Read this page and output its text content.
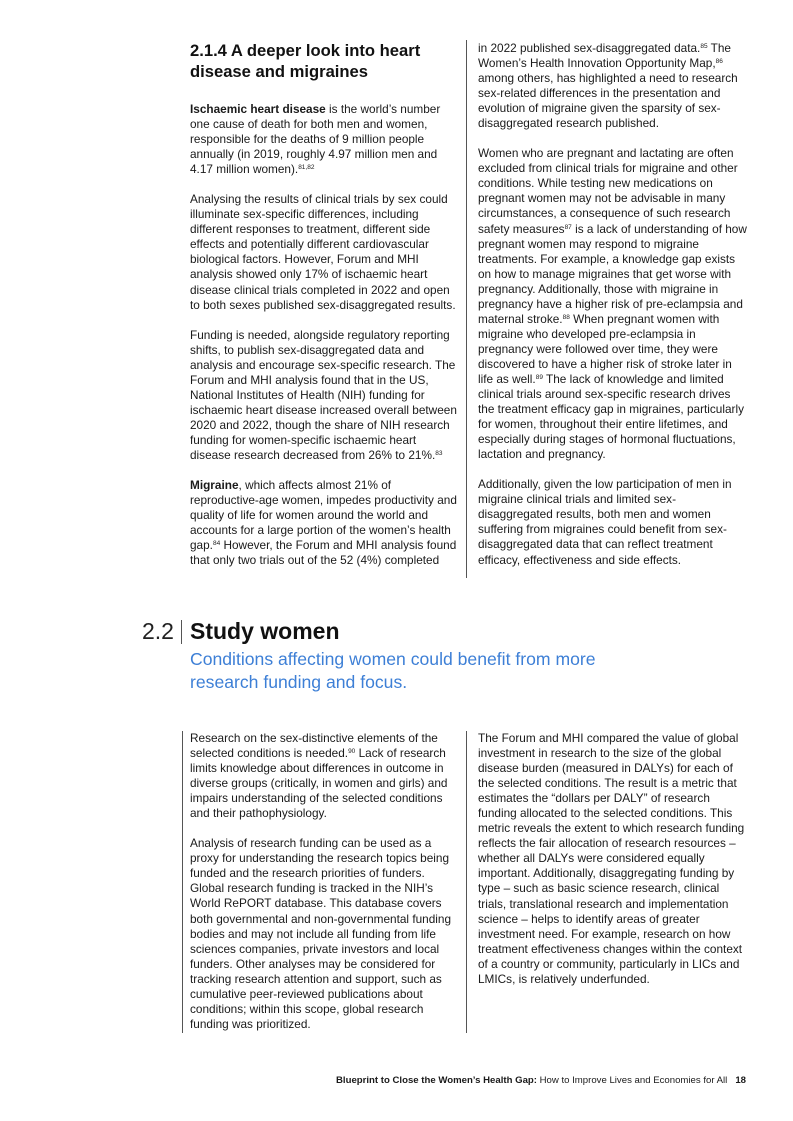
2.1.4 A deeper look into heart disease and migraines

Ischaemic heart disease is the world’s number one cause of death for both men and women, responsible for the deaths of 9 million people annually (in 2019, roughly 4.97 million men and 4.17 million women).$^{81,82}$

Analysing the results of clinical trials by sex could illuminate sex-specific differences, including different responses to treatment, different side effects and potentially different cardiovascular biological factors. However, Forum and MHI analysis showed only 17% of ischaemic heart disease clinical trials completed in 2022 and open to both sexes published sex-disaggregated results.

Funding is needed, alongside regulatory reporting shifts, to publish sex-disaggregated data and analysis and encourage sex-specific research. The Forum and MHI analysis found that in the US, National Institutes of Health (NIH) funding for ischaemic heart disease increased overall between 2020 and 2022, though the share of NIH research funding for women-specific ischaemic heart disease research decreased from 26% to 21%.$^{83}$

Migraine, which affects almost 21% of reproductive-age women, impedes productivity and quality of life for women around the world and accounts for a large portion of the women’s health gap.$^{84}$ However, the Forum and MHI analysis found that only two trials out of the 52 (4%) completed

in 2022 published sex-disaggregated data.$^{85}$ The Women’s Health Innovation Opportunity Map,$^{86}$ among others, has highlighted a need to research sex-related differences in the presentation and evolution of migraine given the sparsity of sex-disaggregated research published.

Women who are pregnant and lactating are often excluded from clinical trials for migraine and other conditions. While testing new medications on pregnant women may not be advisable in many circumstances, a consequence of such research safety measures$^{87}$ is a lack of understanding of how pregnant women may respond to migraine treatments. For example, a knowledge gap exists on how to manage migraines that get worse with pregnancy. Additionally, those with migraine in pregnancy have a higher risk of pre-eclampsia and maternal stroke.$^{88}$ When pregnant women with migraine who developed pre-eclampsia in pregnancy were followed over time, they were discovered to have a higher risk of stroke later in life as well.$^{89}$ The lack of knowledge and limited clinical trials around sex-specific research drives the treatment efficacy gap in migraines, particularly for women, throughout their entire lifetimes, and especially during stages of hormonal fluctuations, lactation and pregnancy.

Additionally, given the low participation of men in migraine clinical trials and limited sex-disaggregated results, both men and women suffering from migraines could benefit from sex-disaggregated data that can reflect treatment efficacy, effectiveness and side effects.

2.2 Study women
Conditions affecting women could benefit from more research funding and focus.

Research on the sex-distinctive elements of the selected conditions is needed.$^{90}$ Lack of research limits knowledge about differences in outcome in diverse groups (critically, in women and girls) and impairs understanding of the selected conditions and their pathophysiology.

Analysis of research funding can be used as a proxy for understanding the research topics being funded and the research priorities of funders. Global research funding is tracked in the NIH’s World RePORT database. This database covers both governmental and non-governmental funding bodies and may not include all funding from life sciences companies, private investors and local funders. Other analyses may be considered for tracking research attention and support, such as cumulative peer-reviewed publications about conditions; within this scope, global research funding was prioritized.

The Forum and MHI compared the value of global investment in research to the size of the global disease burden (measured in DALYs) for each of the selected conditions. The result is a metric that estimates the “dollars per DALY” of research funding allocated to the selected conditions. This metric reveals the extent to which research funding reflects the fair allocation of research resources – whether all DALYs were considered equally important. Additionally, disaggregating funding by type – such as basic science research, clinical trials, translational research and implementation science – helps to identify areas of greater investment need. For example, research on how treatment effectiveness changes within the context of a country or community, particularly in LICs and LMICs, is relatively underfunded.

Blueprint to Close the Women’s Health Gap: How to Improve Lives and Economies for All 18
